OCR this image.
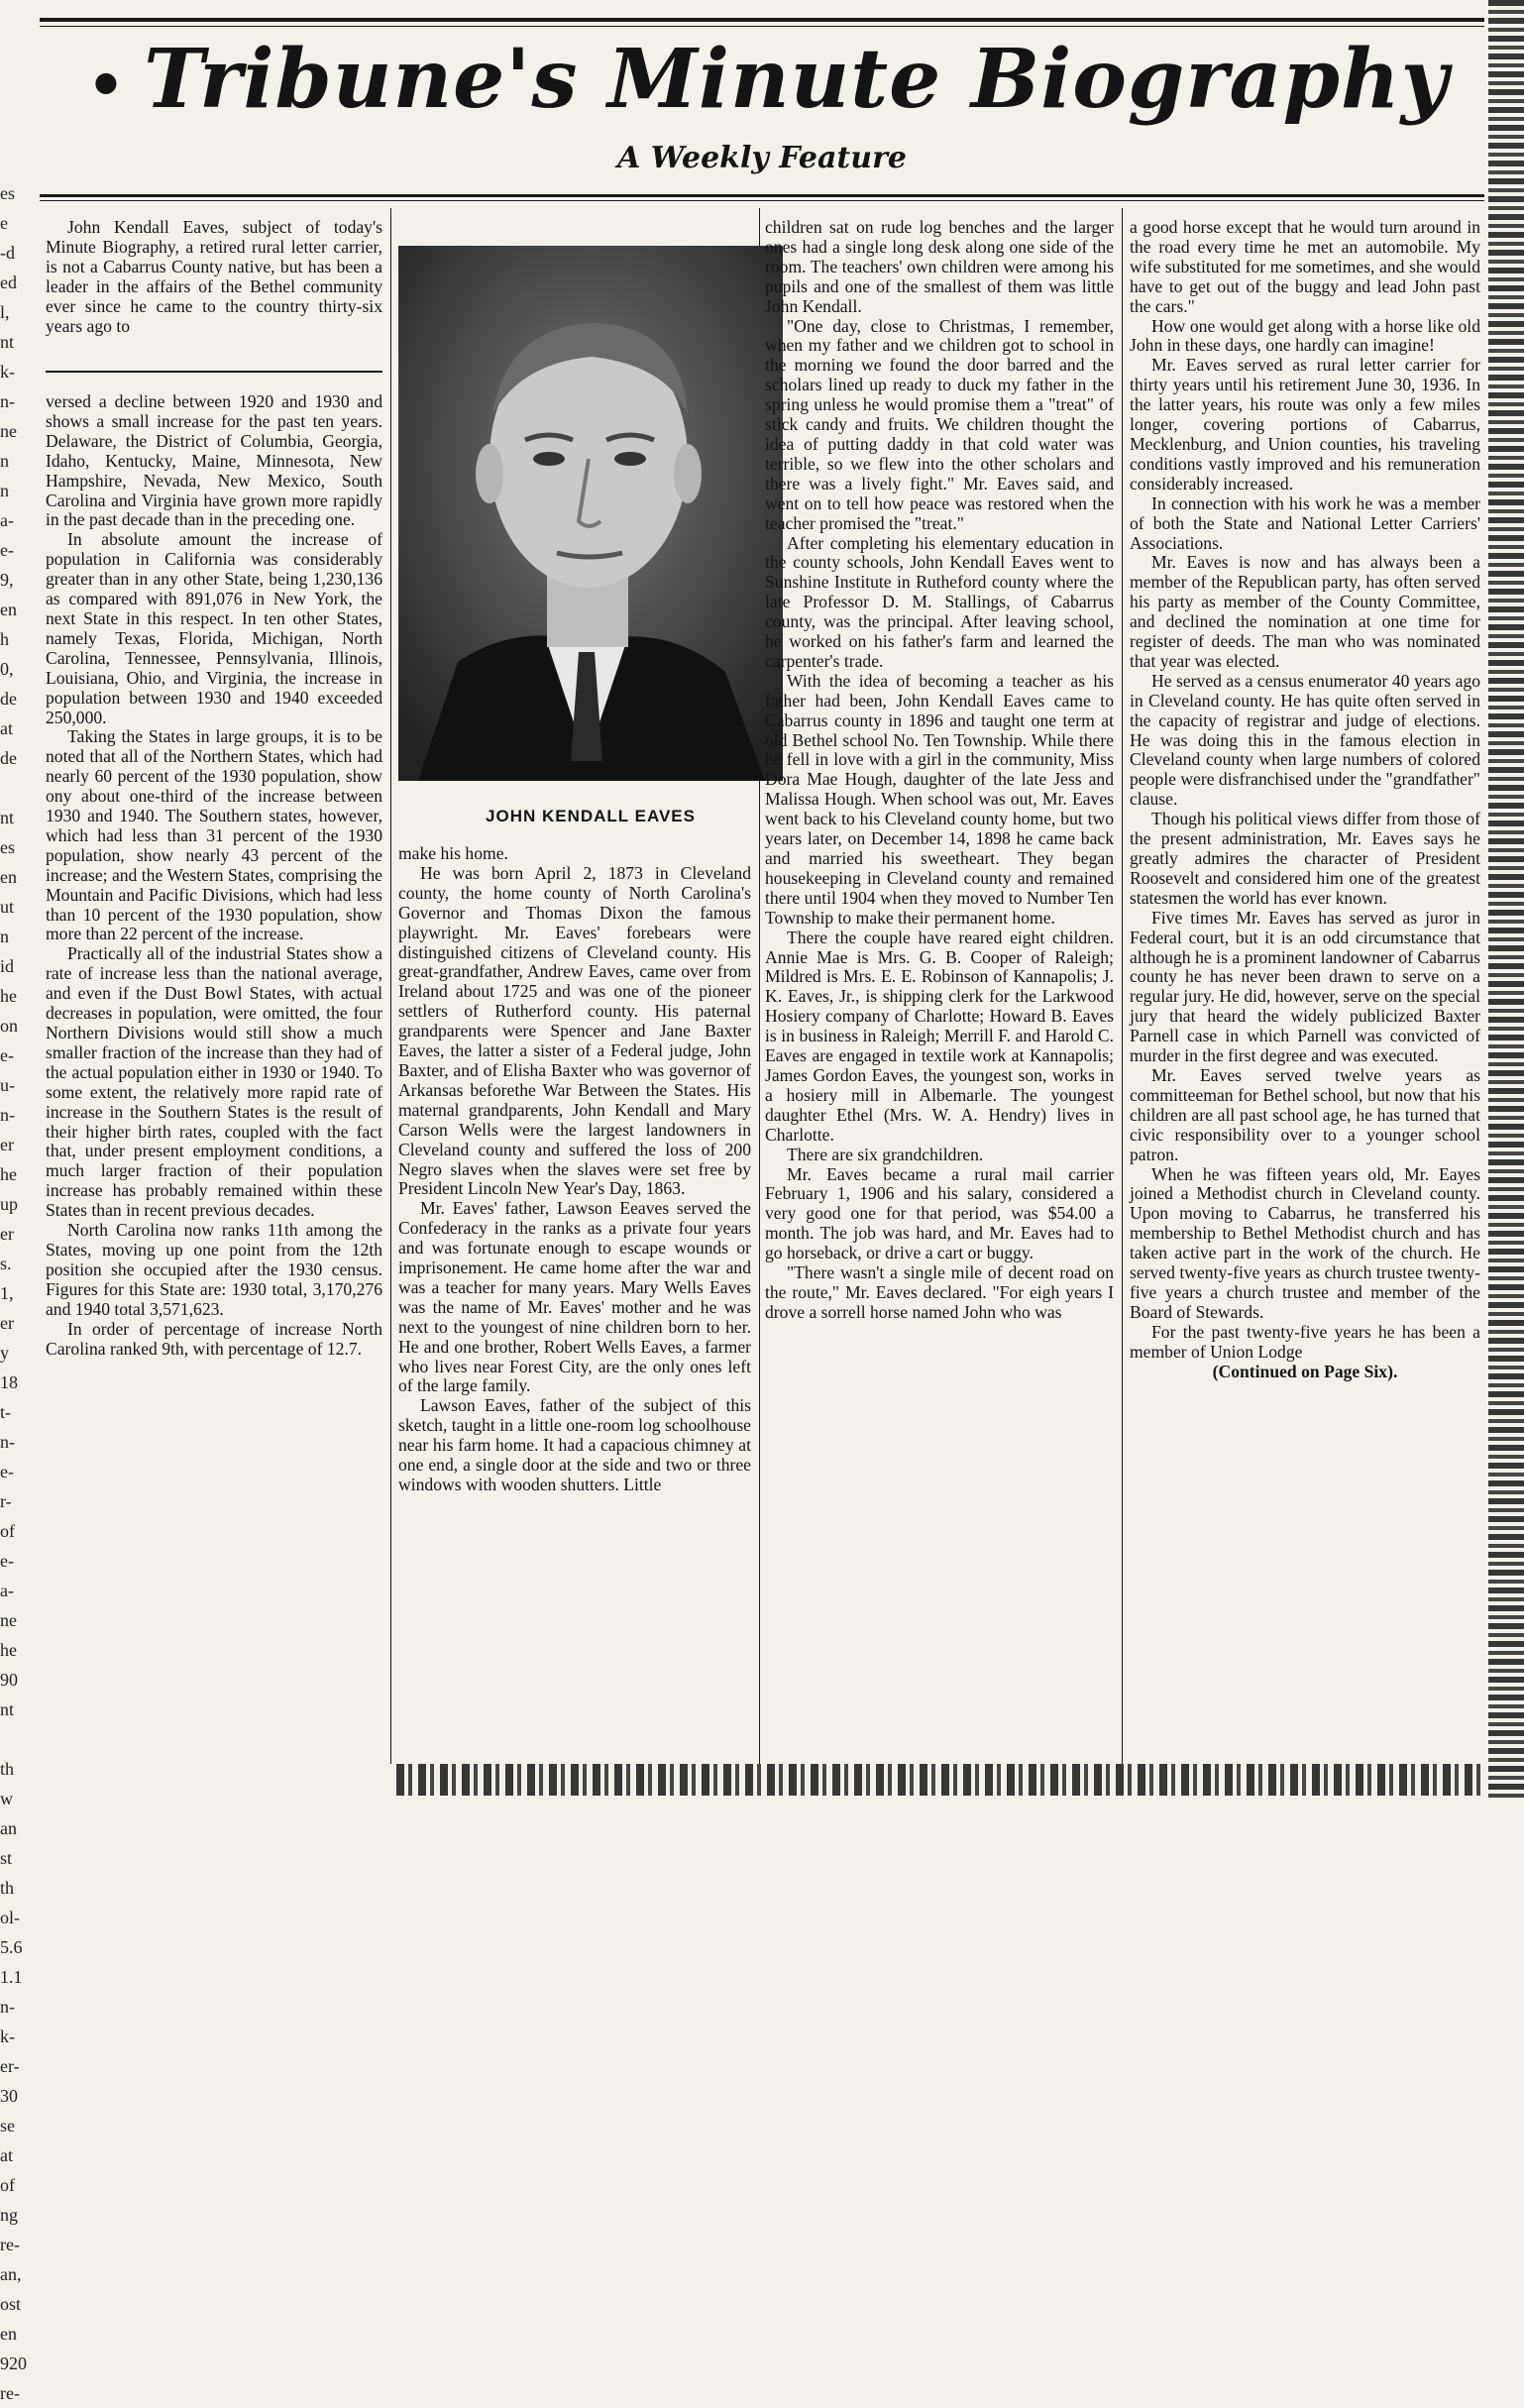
es
e
-d
ed
l,
nt
k-
n-
ne
n
n
a-
e-
9,
en
h
0,
de
at
de

nt
es
en
ut
n
id
he
on
e-
u-
n-
er
he
up
er
s.
1,
er
y
18
t-
n-
e-
r-
of
e-
a-
ne
he
90
nt

th
w
an
st
th
ol-
5.6
1.1
n-
k-
er-
30
se
at
of
ng
re-
an,
ost
en
920
re-
• Tribune's Minute Biography
A Weekly Feature

John Kendall Eaves, subject of today's Minute Biography, a retired rural letter carrier, is not a Cabarrus County native, but has been a leader in the affairs of the Bethel community ever since he came to the country thirty-six years ago to

versed a decline between 1920 and 1930 and shows a small increase for the past ten years. Delaware, the District of Columbia, Georgia, Idaho, Kentucky, Maine, Minnesota, New Hampshire, Nevada, New Mexico, South Carolina and Virginia have grown more rapidly in the past decade than in the preceding one.

In absolute amount the increase of population in California was considerably greater than in any other State, being 1,230,136 as compared with 891,076 in New York, the next State in this respect. In ten other States, namely Texas, Florida, Michigan, North Carolina, Tennessee, Pennsylvania, Illinois, Louisiana, Ohio, and Virginia, the increase in population between 1930 and 1940 exceeded 250,000.

Taking the States in large groups, it is to be noted that all of the Northern States, which had nearly 60 percent of the 1930 population, show ony about one-third of the increase between 1930 and 1940. The Southern states, however, which had less than 31 percent of the 1930 population, show nearly 43 percent of the increase; and the Western States, comprising the Mountain and Pacific Divisions, which had less than 10 percent of the 1930 population, show more than 22 percent of the increase.

Practically all of the industrial States show a rate of increase less than the national average, and even if the Dust Bowl States, with actual decreases in population, were omitted, the four Northern Divisions would still show a much smaller fraction of the increase than they had of the actual population either in 1930 or 1940. To some extent, the relatively more rapid rate of increase in the Southern States is the result of their higher birth rates, coupled with the fact that, under present employment conditions, a much larger fraction of their population increase has probably remained within these States than in recent previous decades.

North Carolina now ranks 11th among the States, moving up one point from the 12th position she occupied after the 1930 census. Figures for this State are: 1930 total, 3,170,276 and 1940 total 3,571,623.

In order of percentage of increase North Carolina ranked 9th, with percentage of 12.7.

JOHN KENDALL EAVES

make his home.

He was born April 2, 1873 in Cleveland county, the home county of North Carolina's Governor and Thomas Dixon the famous playwright. Mr. Eaves' forebears were distinguished citizens of Cleveland county. His great-grandfather, Andrew Eaves, came over from Ireland about 1725 and was one of the pioneer settlers of Rutherford county. His paternal grandparents were Spencer and Jane Baxter Eaves, the latter a sister of a Federal judge, John Baxter, and of Elisha Baxter who was governor of Arkansas beforethe War Between the States. His maternal grandparents, John Kendall and Mary Carson Wells were the largest landowners in Cleveland county and suffered the loss of 200 Negro slaves when the slaves were set free by President Lincoln New Year's Day, 1863.

Mr. Eaves' father, Lawson Eeaves served the Confederacy in the ranks as a private four years and was fortunate enough to escape wounds or imprisonement. He came home after the war and was a teacher for many years. Mary Wells Eaves was the name of Mr. Eaves' mother and he was next to the youngest of nine children born to her. He and one brother, Robert Wells Eaves, a farmer who lives near Forest City, are the only ones left of the large family.

Lawson Eaves, father of the subject of this sketch, taught in a little one-room log schoolhouse near his farm home. It had a capacious chimney at one end, a single door at the side and two or three windows with wooden shutters. Little

children sat on rude log benches and the larger ones had a single long desk along one side of the room. The teachers' own children were among his pupils and one of the smallest of them was little John Kendall.

"One day, close to Christmas, I remember, when my father and we children got to school in the morning we found the door barred and the scholars lined up ready to duck my father in the spring unless he would promise them a "treat" of stick candy and fruits. We children thought the idea of putting daddy in that cold water was terrible, so we flew into the other scholars and there was a lively fight." Mr. Eaves said, and went on to tell how peace was restored when the teacher promised the "treat."

After completing his elementary education in the county schools, John Kendall Eaves went to Sunshine Institute in Rutheford county where the late Professor D. M. Stallings, of Cabarrus county, was the principal. After leaving school, he worked on his father's farm and learned the carpenter's trade.

With the idea of becoming a teacher as his father had been, John Kendall Eaves came to Cabarrus county in 1896 and taught one term at old Bethel school No. Ten Township. While there he fell in love with a girl in the community, Miss Dora Mae Hough, daughter of the late Jess and Malissa Hough. When school was out, Mr. Eaves went back to his Cleveland county home, but two years later, on December 14, 1898 he came back and married his sweetheart. They began housekeeping in Cleveland county and remained there until 1904 when they moved to Number Ten Township to make their permanent home.

There the couple have reared eight children. Annie Mae is Mrs. G. B. Cooper of Raleigh; Mildred is Mrs. E. E. Robinson of Kannapolis; J. K. Eaves, Jr., is shipping clerk for the Larkwood Hosiery company of Charlotte; Howard B. Eaves is in business in Raleigh; Merrill F. and Harold C. Eaves are engaged in textile work at Kannapolis; James Gordon Eaves, the youngest son, works in a hosiery mill in Albemarle. The youngest daughter Ethel (Mrs. W. A. Hendry) lives in Charlotte.

There are six grandchildren.

Mr. Eaves became a rural mail carrier February 1, 1906 and his salary, considered a very good one for that period, was $54.00 a month. The job was hard, and Mr. Eaves had to go horseback, or drive a cart or buggy.

"There wasn't a single mile of decent road on the route," Mr. Eaves declared. "For eigh years I drove a sorrell horse named John who was

a good horse except that he would turn around in the road every time he met an automobile. My wife substituted for me sometimes, and she would have to get out of the buggy and lead John past the cars."

How one would get along with a horse like old John in these days, one hardly can imagine!

Mr. Eaves served as rural letter carrier for thirty years until his retirement June 30, 1936. In the latter years, his route was only a few miles longer, covering portions of Cabarrus, Mecklenburg, and Union counties, his traveling conditions vastly improved and his remuneration considerably increased.

In connection with his work he was a member of both the State and National Letter Carriers' Associations.

Mr. Eaves is now and has always been a member of the Republican party, has often served his party as member of the County Committee, and declined the nomination at one time for register of deeds. The man who was nominated that year was elected.

He served as a census enumerator 40 years ago in Cleveland county. He has quite often served in the capacity of registrar and judge of elections. He was doing this in the famous election in Cleveland county when large numbers of colored people were disfranchised under the "grandfather" clause.

Though his political views differ from those of the present administration, Mr. Eaves says he greatly admires the character of President Roosevelt and considered him one of the greatest statesmen the world has ever known.

Five times Mr. Eaves has served as juror in Federal court, but it is an odd circumstance that although he is a prominent landowner of Cabarrus county he has never been drawn to serve on a regular jury. He did, however, serve on the special jury that heard the widely publicized Baxter Parnell case in which Parnell was convicted of murder in the first degree and was executed.

Mr. Eaves served twelve years as committeeman for Bethel school, but now that his children are all past school age, he has turned that civic responsibility over to a younger school patron.

When he was fifteen years old, Mr. Eayes joined a Methodist church in Cleveland county. Upon moving to Cabarrus, he transferred his membership to Bethel Methodist church and has taken active part in the work of the church. He served twenty-five years as church trustee twenty-five years a church trustee and member of the Board of Stewards.

For the past twenty-five years he has been a member of Union Lodge

(Continued on Page Six).
